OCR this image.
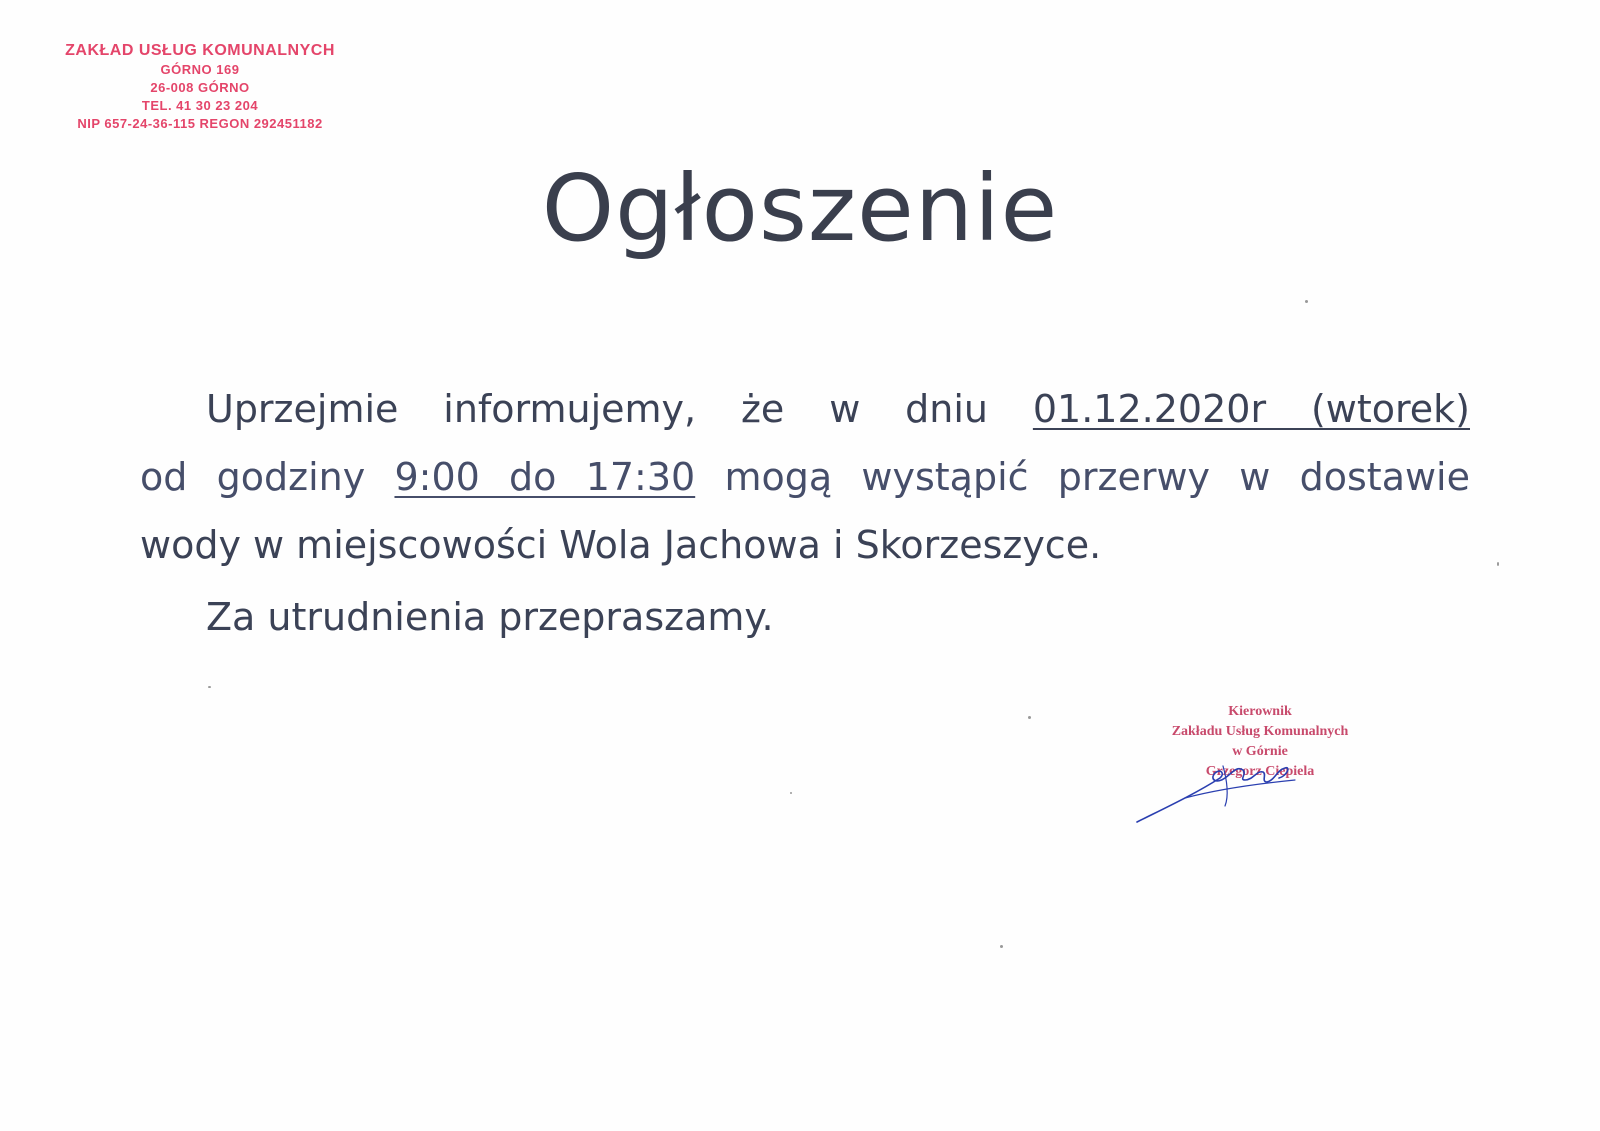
ZAKŁAD USŁUG KOMUNALNYCH
GÓRNO 169
26-008 GÓRNO
TEL. 41 30 23 204
NIP 657-24-36-115 REGON 292451182
Ogłoszenie
Uprzejmie informujemy, że w dniu 01.12.2020r (wtorek)
od godziny 9:00 do 17:30 mogą wystąpić przerwy w dostawie
wody w miejscowości Wola Jachowa i Skorzeszyce.
Za utrudnienia przepraszamy.
Kierownik
Zakładu Usług Komunalnych
w Górnie
Grzegorz Ciepiela
